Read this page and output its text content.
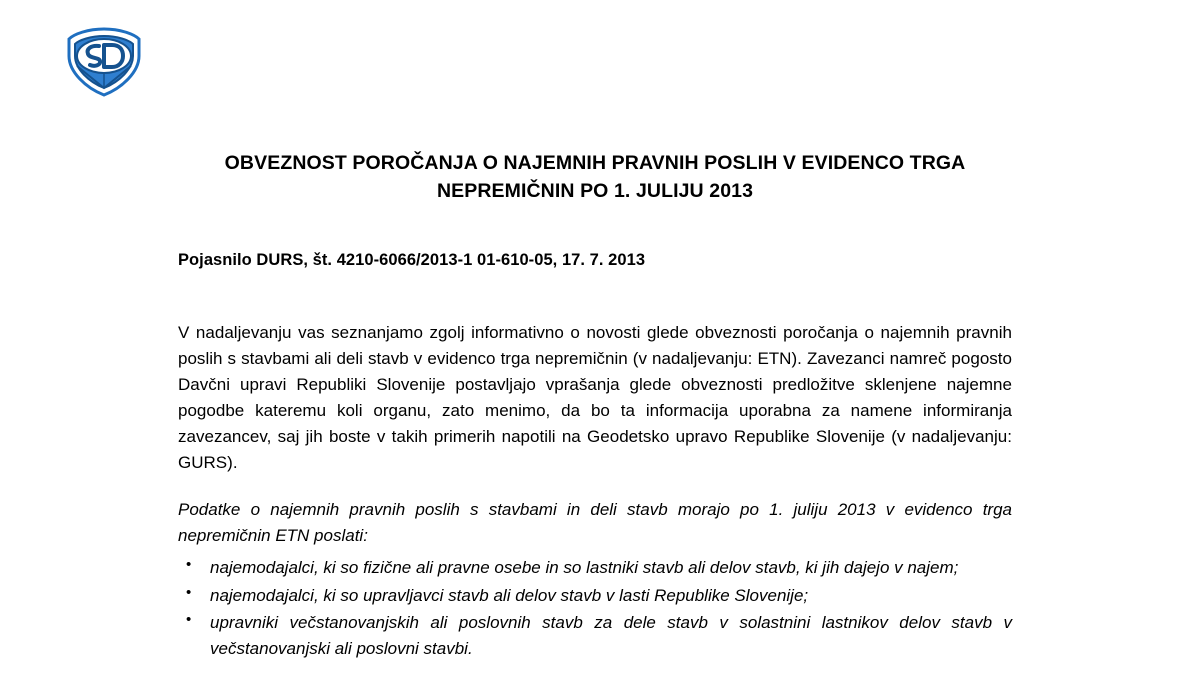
OBVEZNOST POROČANJA O NAJEMNIH PRAVNIH POSLIH V EVIDENCO TRGA NEPREMIČNIN PO 1. JULIJU 2013
Pojasnilo DURS, št. 4210-6066/2013-1 01-610-05, 17. 7. 2013

V nadaljevanju vas seznanjamo zgolj informativno o novosti glede obveznosti poročanja o najemnih pravnih poslih s stavbami ali deli stavb v evidenco trga nepremičnin (v nadaljevanju: ETN). Zavezanci namreč pogosto Davčni upravi Republiki Slovenije postavljajo vprašanja glede obveznosti predložitve sklenjene najemne pogodbe kateremu koli organu, zato menimo, da bo ta informacija uporabna za namene informiranja zavezancev, saj jih boste v takih primerih napotili na Geodetsko upravo Republike Slovenije (v nadaljevanju: GURS).

Podatke o najemnih pravnih poslih s stavbami in deli stavb morajo po 1. juliju 2013 v evidenco trga nepremičnin ETN poslati:

• najemodajalci, ki so fizične ali pravne osebe in so lastniki stavb ali delov stavb, ki jih dajejo v najem;
• najemodajalci, ki so upravljavci stavb ali delov stavb v lasti Republike Slovenije;
• upravniki večstanovanjskih ali poslovnih stavb za dele stavb v solastnini lastnikov delov stavb v večstanovanjski ali poslovni stavbi.
